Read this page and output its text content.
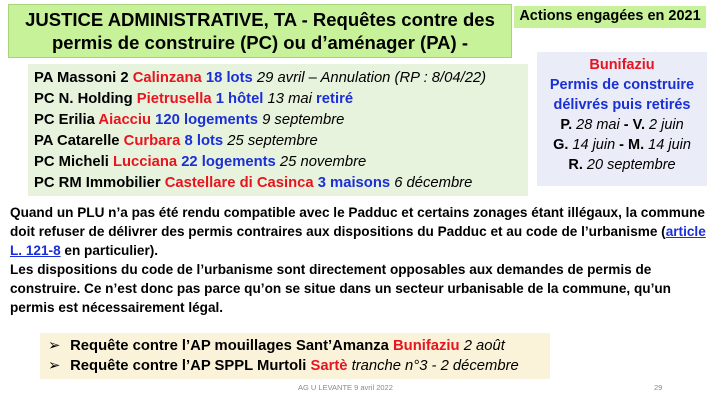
JUSTICE ADMINISTRATIVE, TA - Requêtes contre des
permis de construire (PC) ou d’aménager (PA) -
Actions engagées en 2021
PA Massoni 2 Calinzana 18 lots 29 avril – Annulation (RP : 8/04/22)
PC N. Holding Pietrusella 1 hôtel 13 mai retiré
PC Erilia Aiacciu 120 logements 9 septembre
PA Catarelle Curbara 8 lots 25 septembre
PC Micheli Lucciana 22 logements 25 novembre
PC RM Immobilier Castellare di Casinca 3 maisons 6 décembre
Bunifaziu
Permis de construire
délivrés puis retirés
P. 28 mai - V. 2 juin
G. 14 juin - M. 14 juin
R. 20 septembre
Quand un PLU n’a pas été rendu compatible avec le Padduc et certains zonages étant illégaux, la commune doit refuser de délivrer des permis contraires aux dispositions du Padduc et au code de l’urbanisme (article L. 121-8 en particulier).
Les dispositions du code de l’urbanisme sont directement opposables aux demandes de permis de construire. Ce n’est donc pas parce qu’on se situe dans un secteur urbanisable de la commune, qu’un permis est nécessairement légal.
➢ Requête contre l’AP mouillages Sant’Amanza Bunifaziu 2 août
➢ Requête contre l’AP SPPL Murtoli Sartè tranche n°3 - 2 décembre
AG U LEVANTE 9 avril 2022	29
